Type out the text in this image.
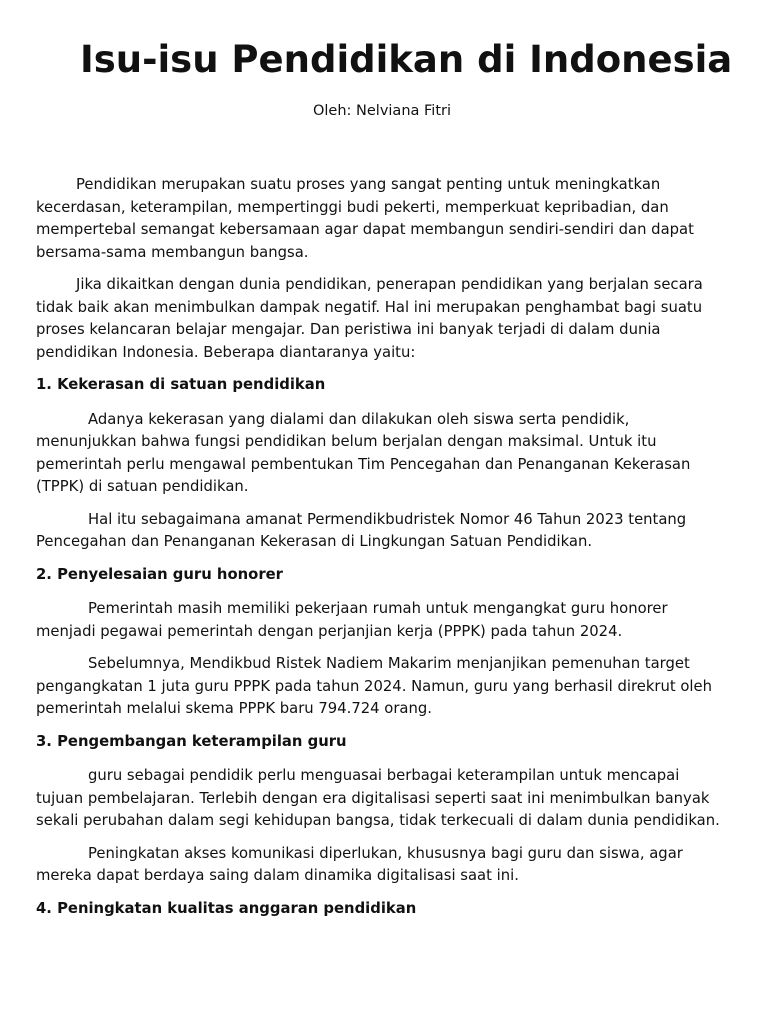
Isu-isu Pendidikan di Indonesia
Oleh: Nelviana Fitri

Pendidikan merupakan suatu proses yang sangat penting untuk meningkatkan kecerdasan, keterampilan, mempertinggi budi pekerti, memperkuat kepribadian, dan mempertebal semangat kebersamaan agar dapat membangun sendiri-sendiri dan dapat bersama-sama membangun bangsa.

Jika dikaitkan dengan dunia pendidikan, penerapan pendidikan yang berjalan secara tidak baik akan menimbulkan dampak negatif. Hal ini merupakan penghambat bagi suatu proses kelancaran belajar mengajar. Dan peristiwa ini banyak terjadi di dalam dunia pendidikan Indonesia. Beberapa diantaranya yaitu:

1. Kekerasan di satuan pendidikan

Adanya kekerasan yang dialami dan dilakukan oleh siswa serta pendidik, menunjukkan bahwa fungsi pendidikan belum berjalan dengan maksimal. Untuk itu pemerintah perlu mengawal pembentukan Tim Pencegahan dan Penanganan Kekerasan (TPPK) di satuan pendidikan.

Hal itu sebagaimana amanat Permendikbudristek Nomor 46 Tahun 2023 tentang Pencegahan dan Penanganan Kekerasan di Lingkungan Satuan Pendidikan.

2. Penyelesaian guru honorer

Pemerintah masih memiliki pekerjaan rumah untuk mengangkat guru honorer menjadi pegawai pemerintah dengan perjanjian kerja (PPPK) pada tahun 2024.

Sebelumnya, Mendikbud Ristek Nadiem Makarim menjanjikan pemenuhan target pengangkatan 1 juta guru PPPK pada tahun 2024. Namun, guru yang berhasil direkrut oleh pemerintah melalui skema PPPK baru 794.724 orang.

3. Pengembangan keterampilan guru

guru sebagai pendidik perlu menguasai berbagai keterampilan untuk mencapai tujuan pembelajaran. Terlebih dengan era digitalisasi seperti saat ini menimbulkan banyak sekali perubahan dalam segi kehidupan bangsa, tidak terkecuali di dalam dunia pendidikan.

Peningkatan akses komunikasi diperlukan, khususnya bagi guru dan siswa, agar mereka dapat berdaya saing dalam dinamika digitalisasi saat ini.

4. Peningkatan kualitas anggaran pendidikan
